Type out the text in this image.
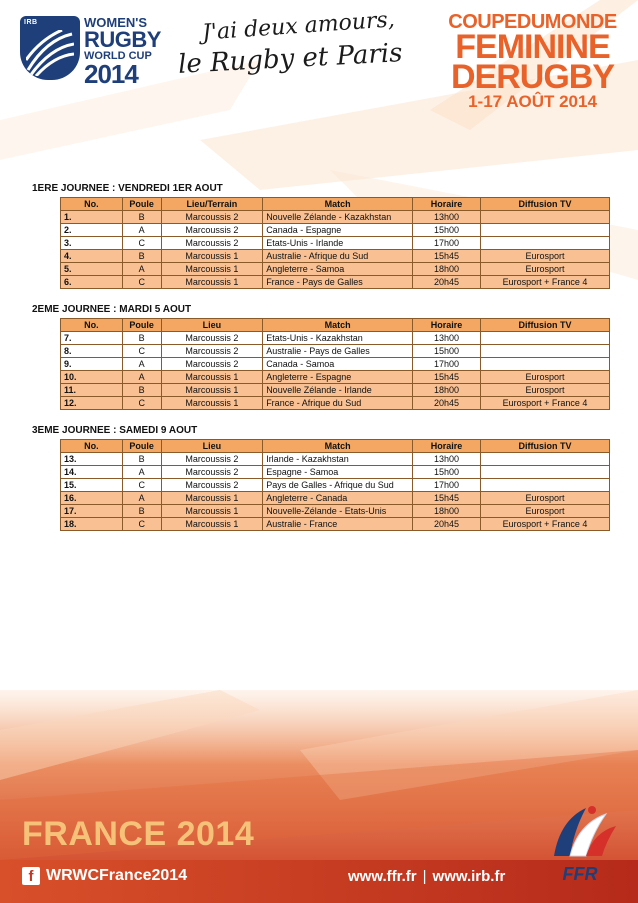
IRB	WOMEN'S
RUGBY
WORLD CUP
2014
J'ai deux amours,
le Rugby et Paris
COUPEDUMONDE
FEMININE
DERUGBY
1-17 AOÛT 2014
1ERE JOURNEE : VENDREDI 1ER AOUT
No.	Poule	Lieu/Terrain	Match	Horaire	Diffusion TV
1.	B	Marcoussis 2	Nouvelle Zélande - Kazakhstan	13h00	
2.	A	Marcoussis 2	Canada - Espagne	15h00	
3.	C	Marcoussis 2	Etats-Unis - Irlande	17h00	
4.	B	Marcoussis 1	Australie - Afrique du Sud	15h45	Eurosport
5.	A	Marcoussis 1	Angleterre - Samoa	18h00	Eurosport
6.	C	Marcoussis 1	France - Pays de Galles	20h45	Eurosport + France 4
2EME JOURNEE : MARDI 5 AOUT
No.	Poule	Lieu	Match	Horaire	Diffusion TV
7.	B	Marcoussis 2	Etats-Unis - Kazakhstan	13h00	
8.	C	Marcoussis 2	Australie - Pays de Galles	15h00	
9.	A	Marcoussis 2	Canada - Samoa	17h00	
10.	A	Marcoussis 1	Angleterre - Espagne	15h45	Eurosport
11.	B	Marcoussis 1	Nouvelle Zélande - Irlande	18h00	Eurosport
12.	C	Marcoussis 1	France - Afrique du Sud	20h45	Eurosport + France 4
3EME JOURNEE : SAMEDI 9 AOUT
No.	Poule	Lieu	Match	Horaire	Diffusion TV
13.	B	Marcoussis 2	Irlande - Kazakhstan	13h00	
14.	A	Marcoussis 2	Espagne - Samoa	15h00	
15.	C	Marcoussis 2	Pays de Galles - Afrique du Sud	17h00	
16.	A	Marcoussis 1	Angleterre - Canada	15h45	Eurosport
17.	B	Marcoussis 1	Nouvelle-Zélande - Etats-Unis	18h00	Eurosport
18.	C	Marcoussis 1	Australie - France	20h45	Eurosport + France 4
FRANCE 2014
f WRWCFrance2014	www.ffr.fr | www.irb.fr	FFR
